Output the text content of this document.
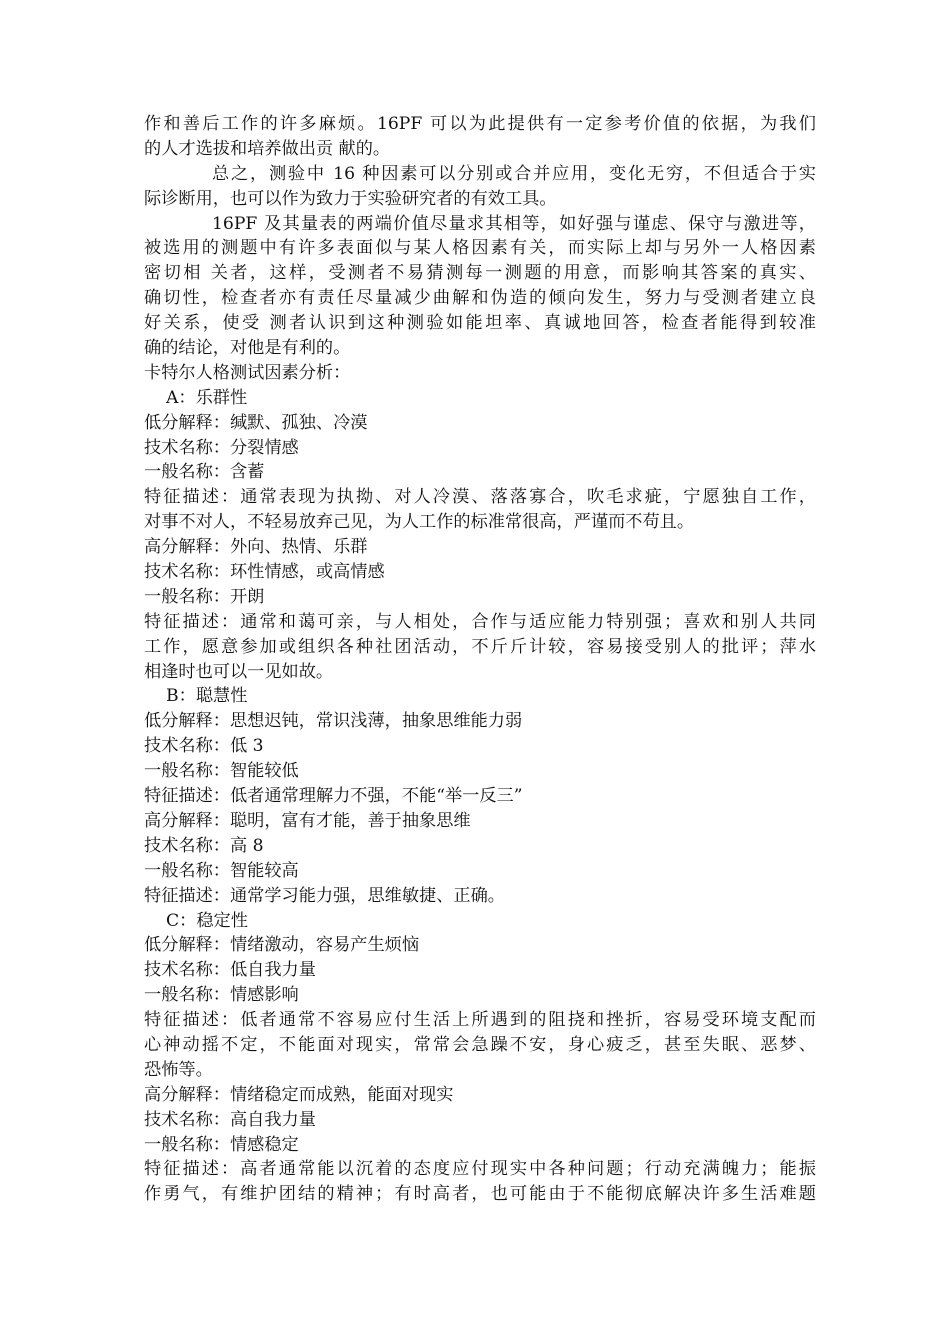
作和善后工作的许多麻烦。16PF 可以为此提供有一定参考价值的依据，为我们
的人才选拔和培养做出贡 献的。
总之，测验中 16 种因素可以分别或合并应用，变化无穷，不但适合于实
际诊断用，也可以作为致力于实验研究者的有效工具。
16PF 及其量表的两端价值尽量求其相等，如好强与谨虑、保守与激进等，
被选用的测题中有许多表面似与某人格因素有关，而实际上却与另外一人格因素
密切相 关者，这样，受测者不易猜测每一测题的用意，而影响其答案的真实、
确切性，检查者亦有责任尽量减少曲解和伪造的倾向发生，努力与受测者建立良
好关系，使受 测者认识到这种测验如能坦率、真诚地回答，检查者能得到较准
确的结论，对他是有利的。
卡特尔人格测试因素分析：
A：乐群性
低分解释：缄默、孤独、冷漠
技术名称：分裂情感
一般名称：含蓄
特征描述：通常表现为执拗、对人冷漠、落落寡合，吹毛求疵，宁愿独自工作，
对事不对人，不轻易放弃己见，为人工作的标准常很高，严谨而不苟且。
高分解释：外向、热情、乐群
技术名称：环性情感，或高情感
一般名称：开朗
特征描述：通常和蔼可亲，与人相处，合作与适应能力特别强；喜欢和别人共同
工作，愿意参加或组织各种社团活动，不斤斤计较，容易接受别人的批评；萍水
相逢时也可以一见如故。
B：聪慧性
低分解释：思想迟钝，常识浅薄，抽象思维能力弱
技术名称：低 3
一般名称：智能较低
特征描述：低者通常理解力不强，不能“举一反三”
高分解释：聪明，富有才能，善于抽象思维
技术名称：高 8
一般名称：智能较高
特征描述：通常学习能力强，思维敏捷、正确。
C：稳定性
低分解释：情绪激动，容易产生烦恼
技术名称：低自我力量
一般名称：情感影响
特征描述：低者通常不容易应付生活上所遇到的阻挠和挫折，容易受环境支配而
心神动摇不定，不能面对现实，常常会急躁不安，身心疲乏，甚至失眠、恶梦、
恐怖等。
高分解释：情绪稳定而成熟，能面对现实
技术名称：高自我力量
一般名称：情感稳定
特征描述：高者通常能以沉着的态度应付现实中各种问题；行动充满魄力；能振
作勇气，有维护团结的精神；有时高者，也可能由于不能彻底解决许多生活难题
